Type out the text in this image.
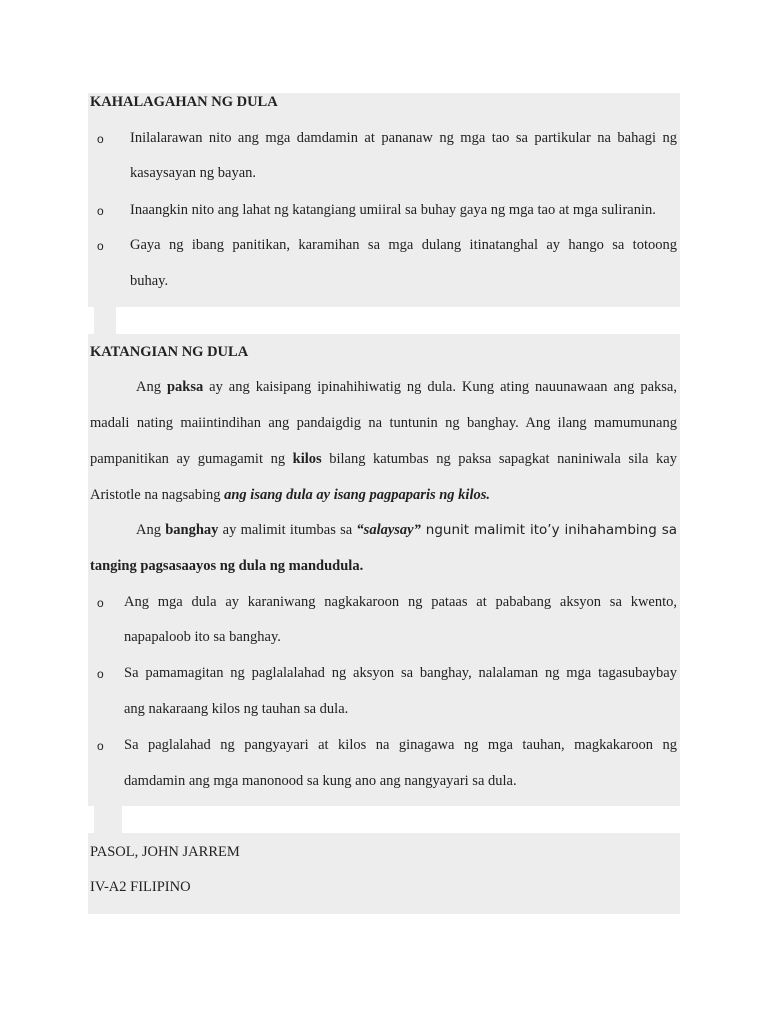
KAHALAGAHAN NG DULA
o Inilalarawan nito ang mga damdamin at pananaw ng mga tao sa partikular na bahagi ng
kasaysayan ng bayan.
o Inaangkin nito ang lahat ng katangiang umiiral sa buhay gaya ng mga tao at mga suliranin.
o Gaya ng ibang panitikan, karamihan sa mga dulang itinatanghal ay hango sa totoong
buhay.
KATANGIAN NG DULA
Ang paksa ay ang kaisipang ipinahihiwatig ng dula. Kung ating nauunawaan ang paksa,
madali nating maiintindihan ang pandaigdig na tuntunin ng banghay. Ang ilang mamumunang
pampanitikan ay gumagamit ng kilos bilang katumbas ng paksa sapagkat naniniwala sila kay
Aristotle na nagsabing ang isang dula ay isang pagpaparis ng kilos.
Ang banghay ay malimit itumbas sa “salaysay” ngunit malimit ito’y inihahambing sa
tanging pagsasaayos ng dula ng mandudula.
o Ang mga dula ay karaniwang nagkakaroon ng pataas at pababang aksyon sa kwento,
napapaloob ito sa banghay.
o Sa pamamagitan ng paglalalahad ng aksyon sa banghay, nalalaman ng mga tagasubaybay
ang nakaraang kilos ng tauhan sa dula.
o Sa paglalahad ng pangyayari at kilos na ginagawa ng mga tauhan, magkakaroon ng
damdamin ang mga manonood sa kung ano ang nangyayari sa dula.
PASOL, JOHN JARREM
IV-A2 FILIPINO
